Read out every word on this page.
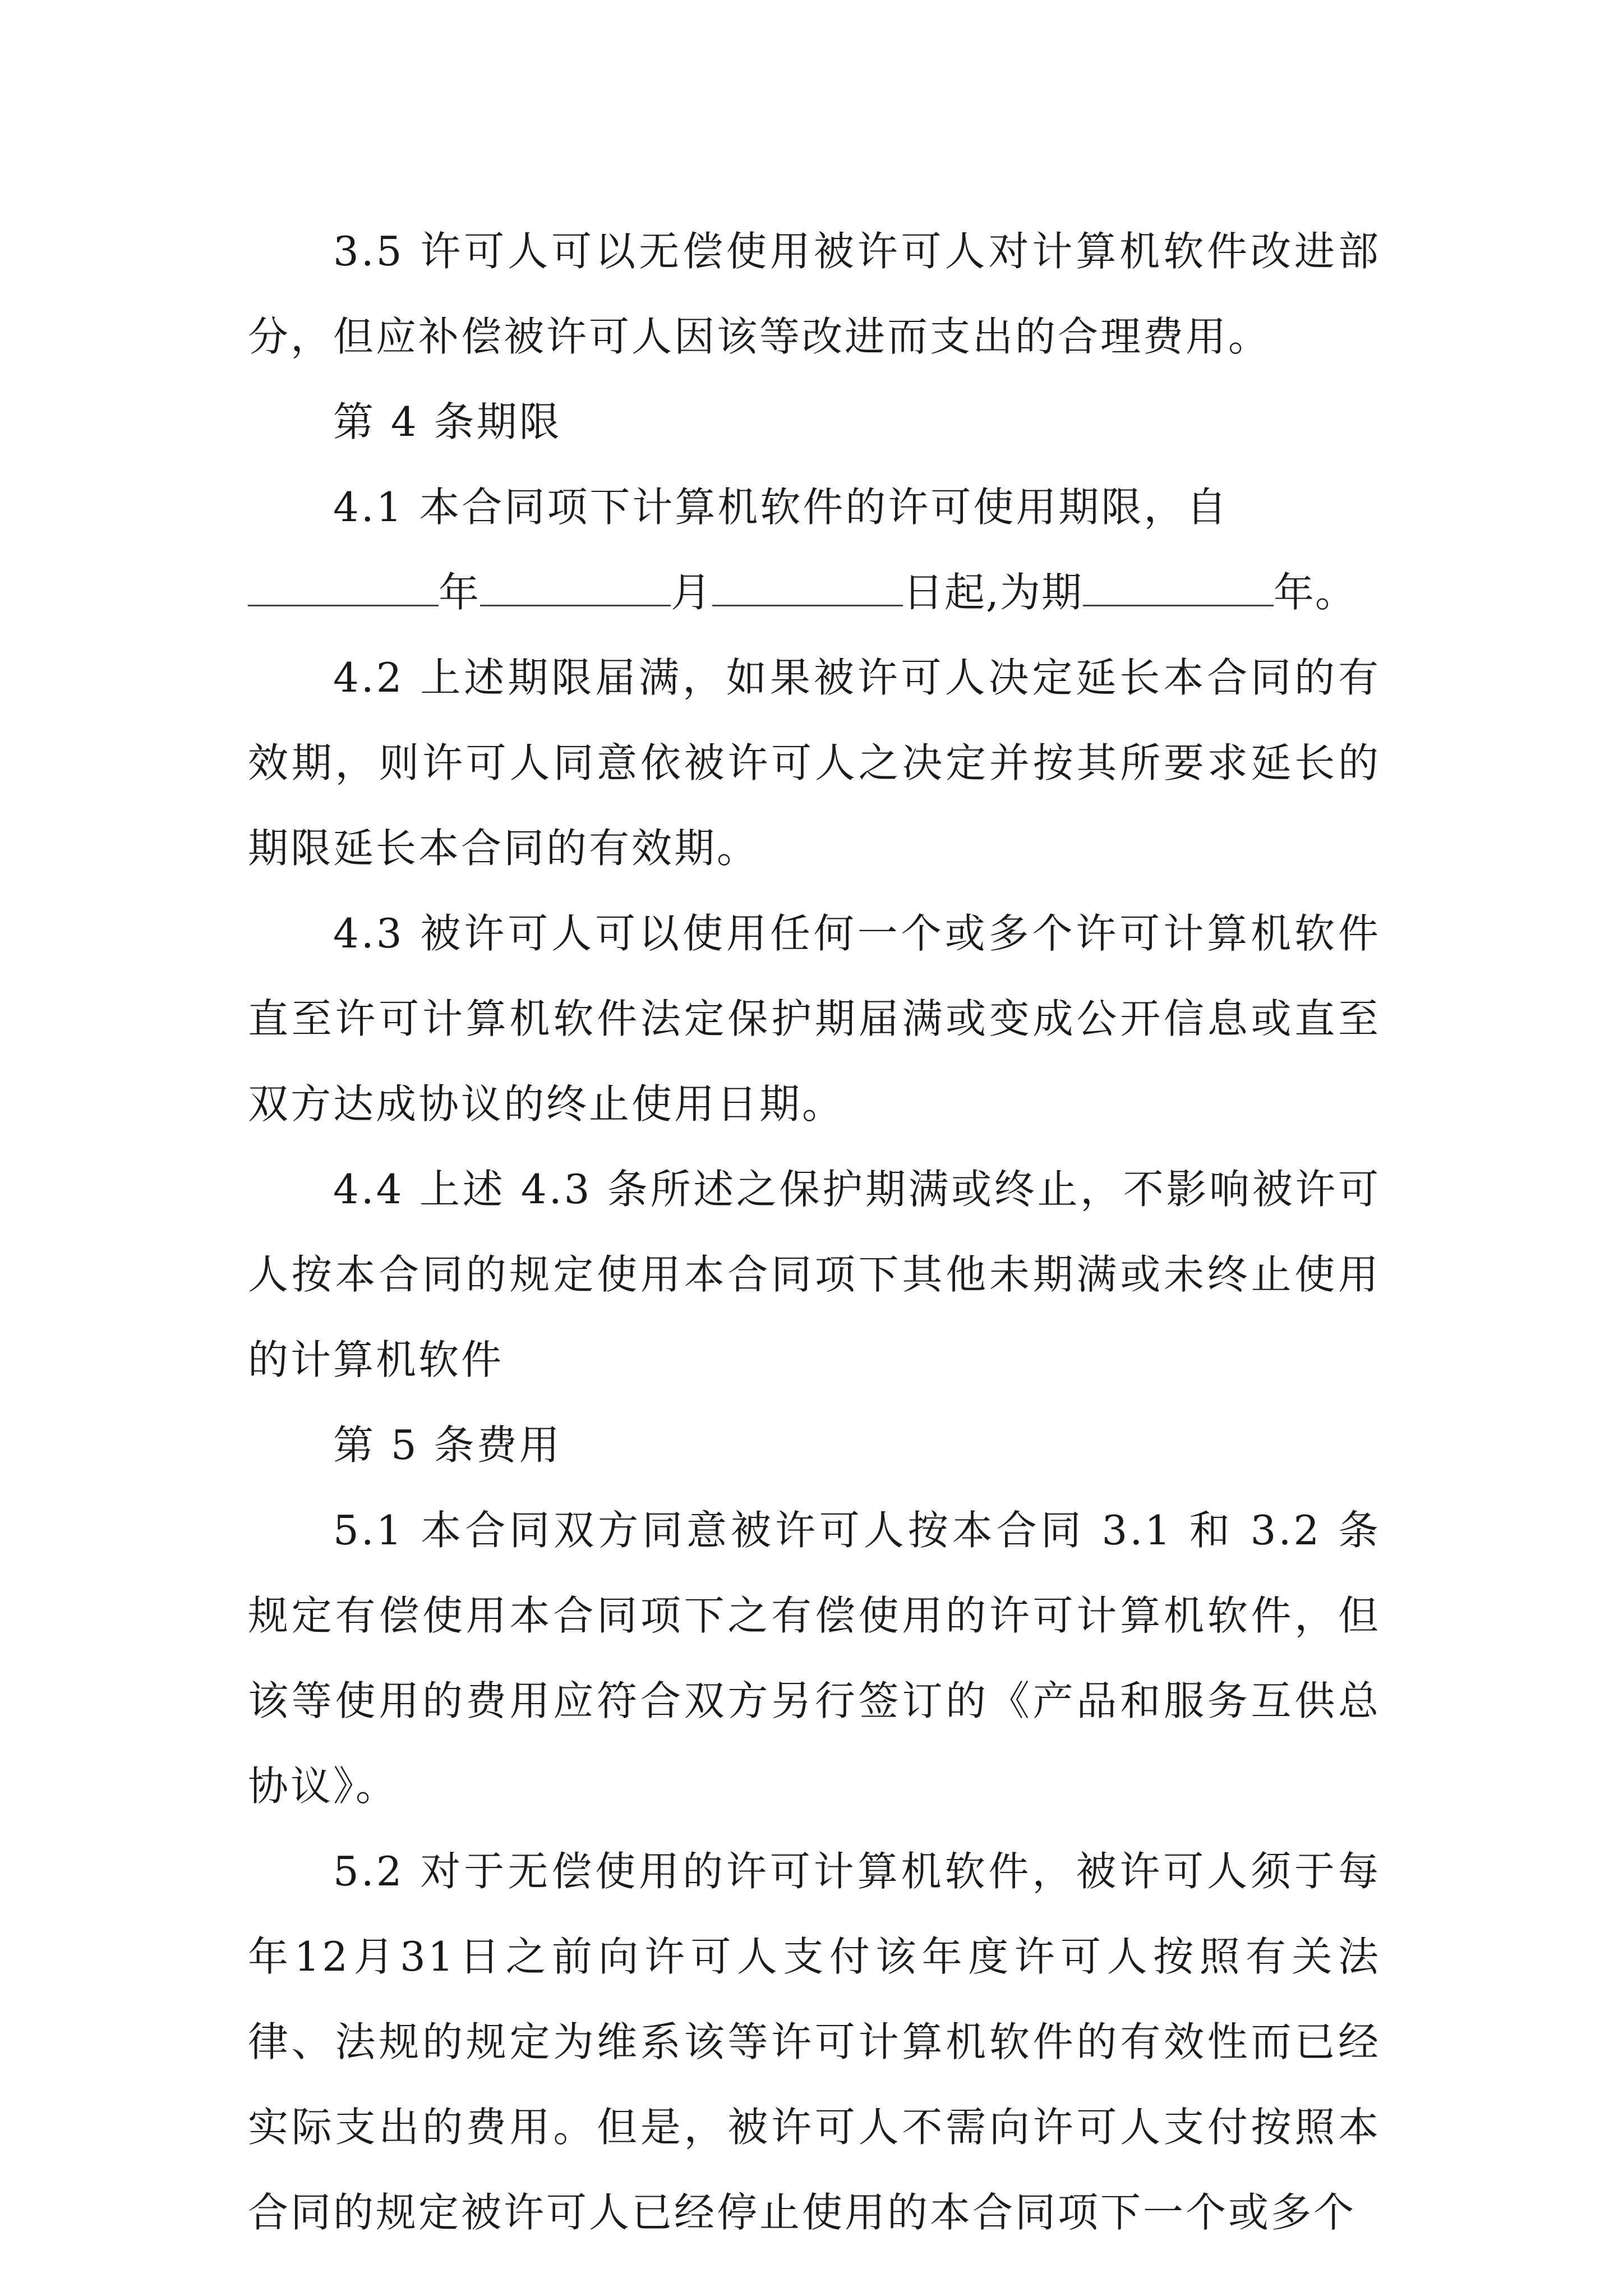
3.5 许可人可以无偿使用被许可人对计算机软件改进部分，但应补偿被许可人因该等改进而支出的合理费用。

第 4 条期限

4.1 本合同项下计算机软件的许可使用期限，自

年	月	日起,为期	年。

4.2 上述期限届满，如果被许可人决定延长本合同的有效期，则许可人同意依被许可人之决定并按其所要求延长的期限延长本合同的有效期。

4.3 被许可人可以使用任何一个或多个许可计算机软件直至许可计算机软件法定保护期届满或变成公开信息或直至双方达成协议的终止使用日期。

4.4 上述 4.3 条所述之保护期满或终止，不影响被许可人按本合同的规定使用本合同项下其他未期满或未终止使用的计算机软件

第 5 条费用

5.1 本合同双方同意被许可人按本合同 3.1 和 3.2 条规定有偿使用本合同项下之有偿使用的许可计算机软件，但该等使用的费用应符合双方另行签订的《产品和服务互供总协议》。

5.2 对于无偿使用的许可计算机软件，被许可人须于每年12月31日之前向许可人支付该年度许可人按照有关法律、法规的规定为维系该等许可计算机软件的有效性而已经实际支出的费用。但是，被许可人不需向许可人支付按照本合同的规定被许可人已经停止使用的本合同项下一个或多个
